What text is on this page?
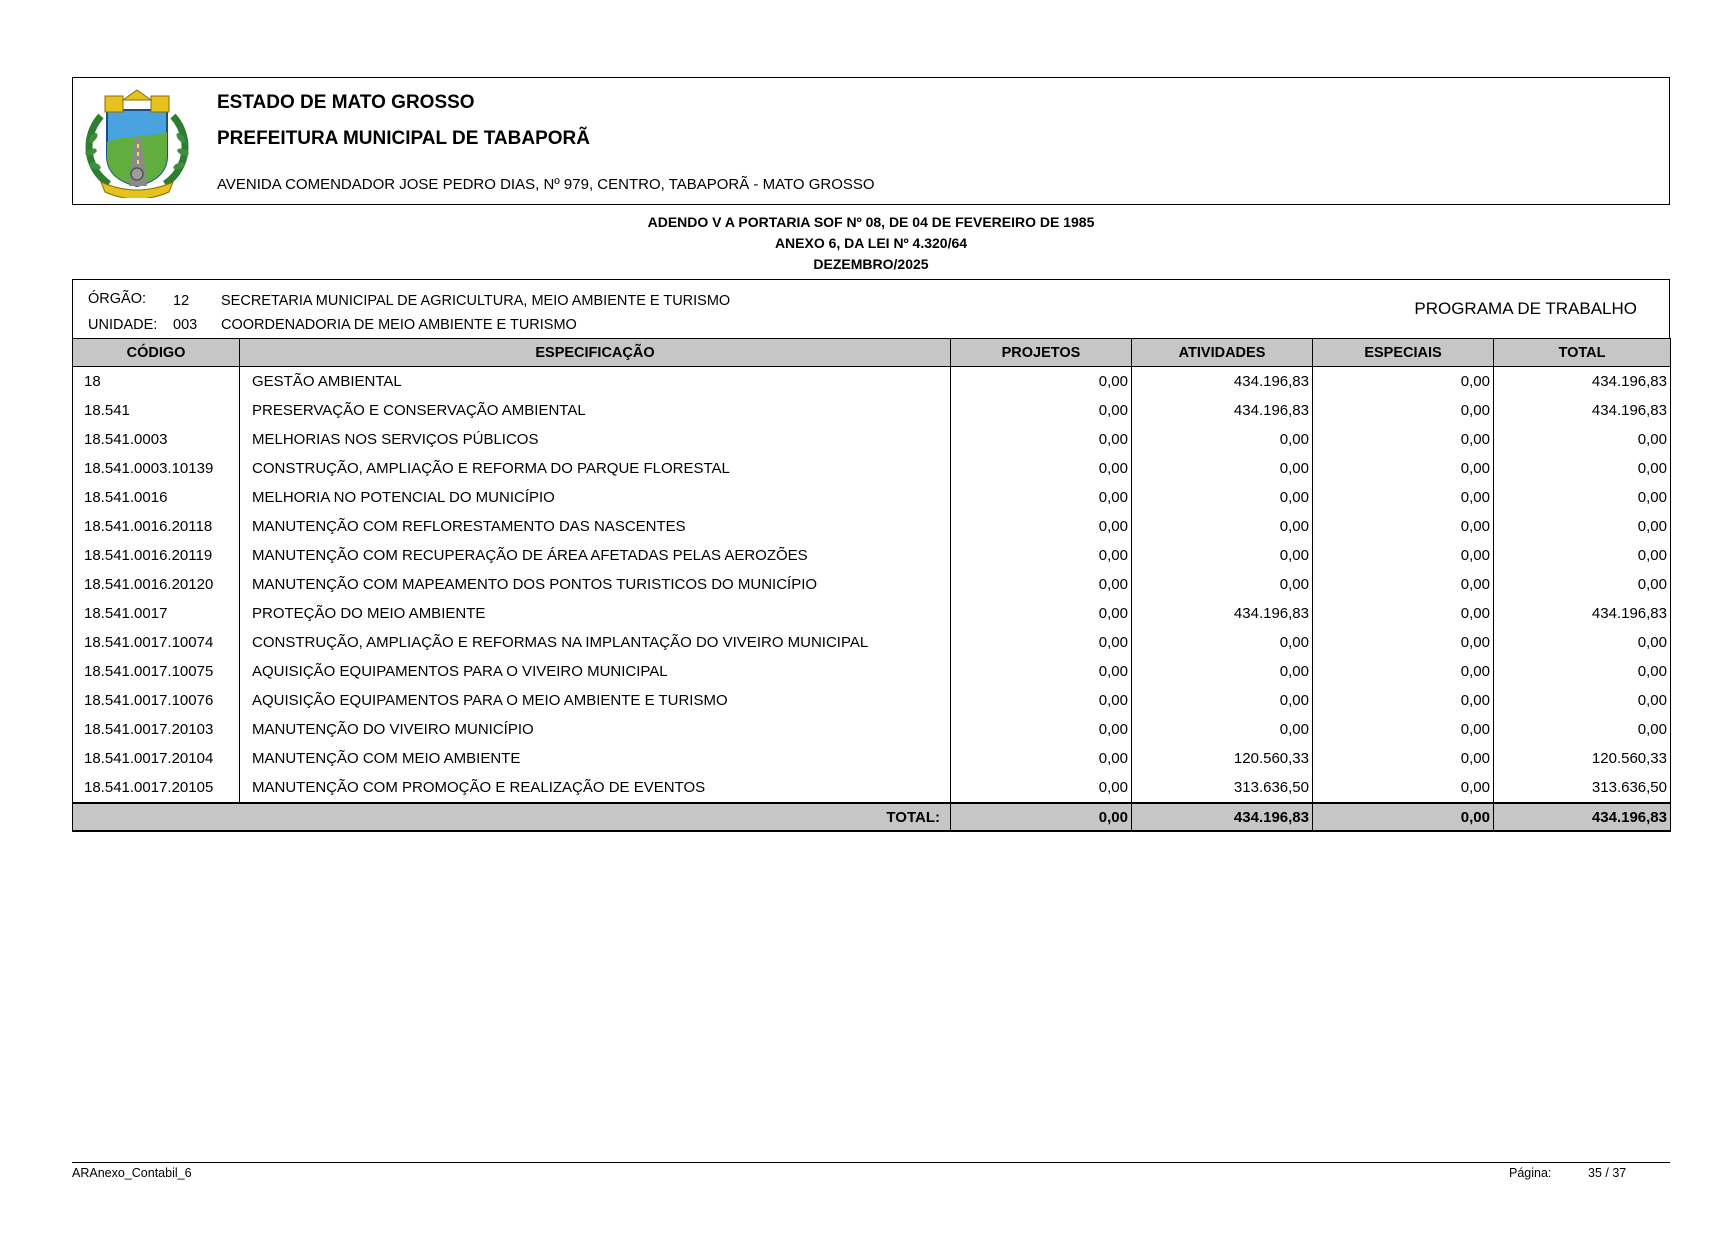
ESTADO DE MATO GROSSO
PREFEITURA MUNICIPAL DE TABAPORÃ
AVENIDA COMENDADOR JOSE PEDRO DIAS, Nº 979, CENTRO, TABAPORÃ - MATO GROSSO
ADENDO V A PORTARIA SOF Nº 08, DE 04 DE FEVEREIRO DE 1985
ANEXO 6, DA LEI Nº 4.320/64
DEZEMBRO/2025
ÓRGÃO: 12 SECRETARIA MUNICIPAL DE AGRICULTURA, MEIO AMBIENTE E TURISMO
UNIDADE: 003 COORDENADORIA DE MEIO AMBIENTE E TURISMO
PROGRAMA DE TRABALHO
CÓDIGO	ESPECIFICAÇÃO	PROJETOS	ATIVIDADES	ESPECIAIS	TOTAL
18	GESTÃO AMBIENTAL	0,00	434.196,83	0,00	434.196,83
18.541	PRESERVAÇÃO E CONSERVAÇÃO AMBIENTAL	0,00	434.196,83	0,00	434.196,83
18.541.0003	MELHORIAS NOS SERVIÇOS PÚBLICOS	0,00	0,00	0,00	0,00
18.541.0003.10139	CONSTRUÇÃO, AMPLIAÇÃO E REFORMA DO PARQUE FLORESTAL	0,00	0,00	0,00	0,00
18.541.0016	MELHORIA NO POTENCIAL DO MUNICÍPIO	0,00	0,00	0,00	0,00
18.541.0016.20118	MANUTENÇÃO COM REFLORESTAMENTO DAS NASCENTES	0,00	0,00	0,00	0,00
18.541.0016.20119	MANUTENÇÃO COM RECUPERAÇÃO DE ÁREA AFETADAS PELAS AEROZÕES	0,00	0,00	0,00	0,00
18.541.0016.20120	MANUTENÇÃO COM MAPEAMENTO DOS PONTOS TURISTICOS DO MUNICÍPIO	0,00	0,00	0,00	0,00
18.541.0017	PROTEÇÃO DO MEIO AMBIENTE	0,00	434.196,83	0,00	434.196,83
18.541.0017.10074	CONSTRUÇÃO, AMPLIAÇÃO E REFORMAS NA IMPLANTAÇÃO DO VIVEIRO MUNICIPAL	0,00	0,00	0,00	0,00
18.541.0017.10075	AQUISIÇÃO EQUIPAMENTOS PARA O VIVEIRO MUNICIPAL	0,00	0,00	0,00	0,00
18.541.0017.10076	AQUISIÇÃO EQUIPAMENTOS PARA O MEIO AMBIENTE E TURISMO	0,00	0,00	0,00	0,00
18.541.0017.20103	MANUTENÇÃO DO VIVEIRO MUNICÍPIO	0,00	0,00	0,00	0,00
18.541.0017.20104	MANUTENÇÃO COM MEIO AMBIENTE	0,00	120.560,33	0,00	120.560,33
18.541.0017.20105	MANUTENÇÃO COM PROMOÇÃO E REALIZAÇÃO DE EVENTOS	0,00	313.636,50	0,00	313.636,50
TOTAL:		0,00	434.196,83	0,00	434.196,83
ARAnexo_Contabil_6	Página:	35 / 37
